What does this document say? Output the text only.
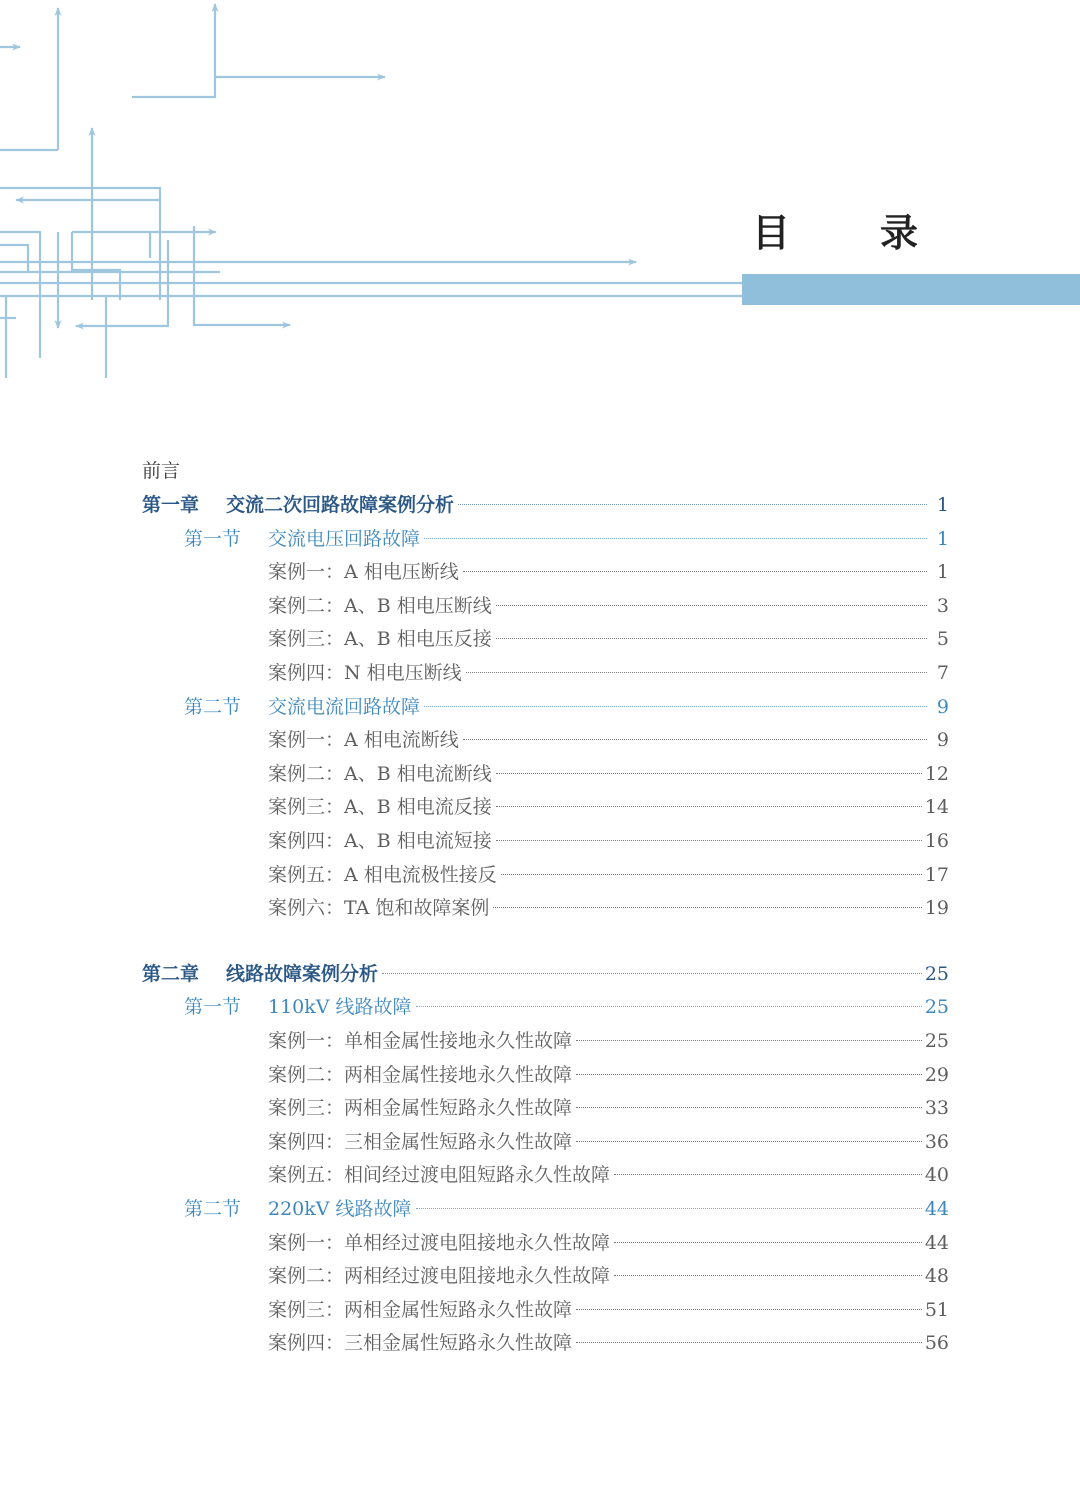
目　录
前言
第一章	交流二次回路故障案例分析	1
第一节	交流电压回路故障	1
案例一：A 相电压断线	1
案例二：A、B 相电压断线	3
案例三：A、B 相电压反接	5
案例四：N 相电压断线	7
第二节	交流电流回路故障	9
案例一：A 相电流断线	9
案例二：A、B 相电流断线	12
案例三：A、B 相电流反接	14
案例四：A、B 相电流短接	16
案例五：A 相电流极性接反	17
案例六：TA 饱和故障案例	19
第二章	线路故障案例分析	25
第一节	110kV 线路故障	25
案例一：单相金属性接地永久性故障	25
案例二：两相金属性接地永久性故障	29
案例三：两相金属性短路永久性故障	33
案例四：三相金属性短路永久性故障	36
案例五：相间经过渡电阻短路永久性故障	40
第二节	220kV 线路故障	44
案例一：单相经过渡电阻接地永久性故障	44
案例二：两相经过渡电阻接地永久性故障	48
案例三：两相金属性短路永久性故障	51
案例四：三相金属性短路永久性故障	56
